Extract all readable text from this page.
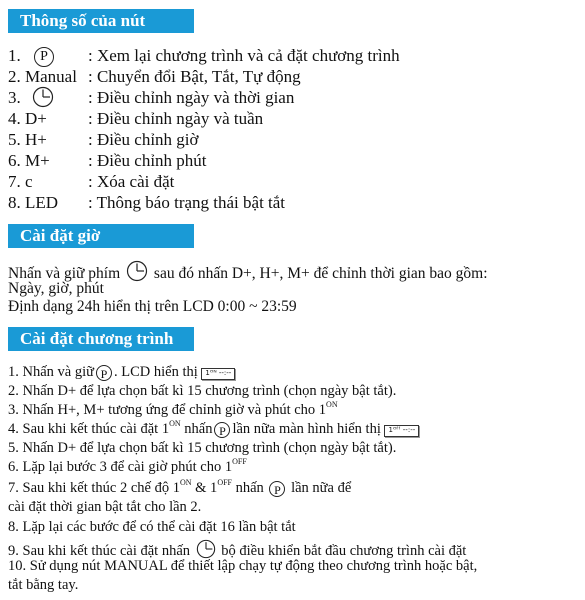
Thông số của nút
1.	P	: Xem lại chương trình và cả đặt chương trình
2. Manual : Chuyển đổi Bật, Tắt, Tự động
3.	: Điều chỉnh ngày và thời gian
4. D+ : Điều chỉnh ngày và tuần
5. H+ : Điều chỉnh giờ
6. M+ : Điều chỉnh phút
7. c	: Xóa cài đặt
8. LED : Thông báo trạng thái bật tắt
Cài đặt giờ
Nhấn và giữ phím sau đó nhấn D+, H+, M+ để chỉnh thời gian bao gồm:
Ngày, giờ, phút
Định dạng 24h hiển thị trên LCD 0:00 ~ 23:59
Cài đặt chương trình
1. Nhấn và giữ P . LCD hiển thị 1ᴼᴺ --:--
2. Nhấn D+ để lựa chọn bất kì 15 chương trình (chọn ngày bật tắt).
3. Nhấn H+, M+ tương ứng để chỉnh giờ và phút cho $1^{ON}$
4. Sau khi kết thúc cài đặt $1^{ON}$ nhấn P lần nữa màn hình hiển thị 1ᴼᶠᶠ --:--
5. Nhấn D+ để lựa chọn bất kì 15 chương trình (chọn ngày bật tắt).
6. Lặp lại bước 3 để cài giờ phút cho $1^{OFF}$
7. Sau khi kết thúc 2 chế độ $1^{ON}$ & $1^{OFF}$ nhấn P lần nữa để
cài đặt thời gian bật tắt cho lần 2.
8. Lặp lại các bước để có thể cài đặt 16 lần bật tắt
9. Sau khi kết thúc cài đặt nhấn bộ điều khiển bắt đầu chương trình cài đặt
10. Sử dụng nút MANUAL để thiết lập chạy tự động theo chương trình hoặc bật,
tắt bằng tay.
